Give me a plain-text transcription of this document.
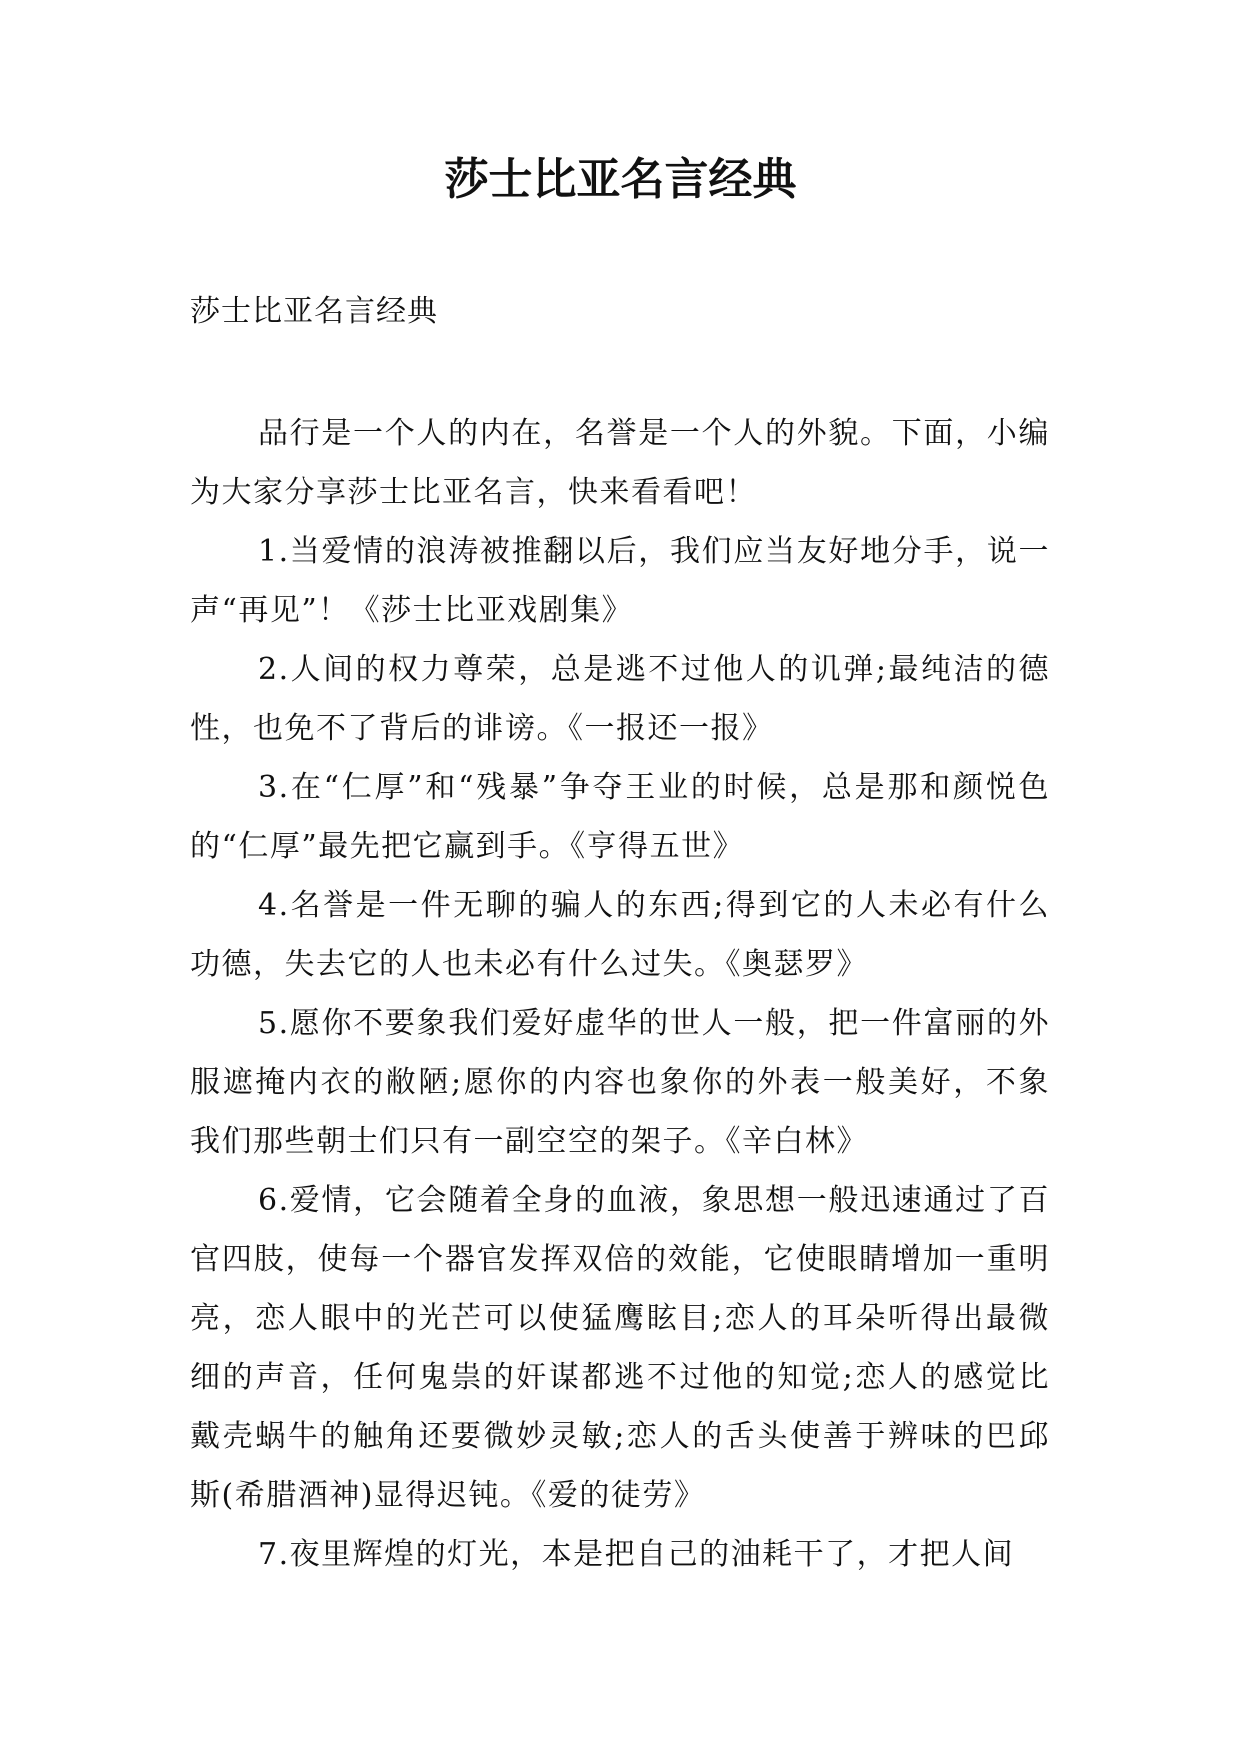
莎士比亚名言经典

莎士比亚名言经典

品行是一个人的内在，名誉是一个人的外貌。下面，小编为大家分享莎士比亚名言，快来看看吧！

1.当爱情的浪涛被推翻以后，我们应当友好地分手，说一声“再见”！《莎士比亚戏剧集》

2.人间的权力尊荣，总是逃不过他人的讥弹;最纯洁的德性，也免不了背后的诽谤。《一报还一报》

3.在“仁厚”和“残暴”争夺王业的时候，总是那和颜悦色的“仁厚”最先把它赢到手。《亨得五世》

4.名誉是一件无聊的骗人的东西;得到它的人未必有什么功德，失去它的人也未必有什么过失。《奥瑟罗》

5.愿你不要象我们爱好虚华的世人一般，把一件富丽的外服遮掩内衣的敝陋;愿你的内容也象你的外表一般美好，不象我们那些朝士们只有一副空空的架子。《辛白林》

6.爱情，它会随着全身的血液，象思想一般迅速通过了百官四肢，使每一个器官发挥双倍的效能，它使眼睛增加一重明亮，恋人眼中的光芒可以使猛鹰眩目;恋人的耳朵听得出最微细的声音，任何鬼祟的奸谋都逃不过他的知觉;恋人的感觉比戴壳蜗牛的触角还要微妙灵敏;恋人的舌头使善于辨味的巴邱斯(希腊酒神)显得迟钝。《爱的徒劳》

7.夜里辉煌的灯光，本是把自己的油耗干了，才把人间
